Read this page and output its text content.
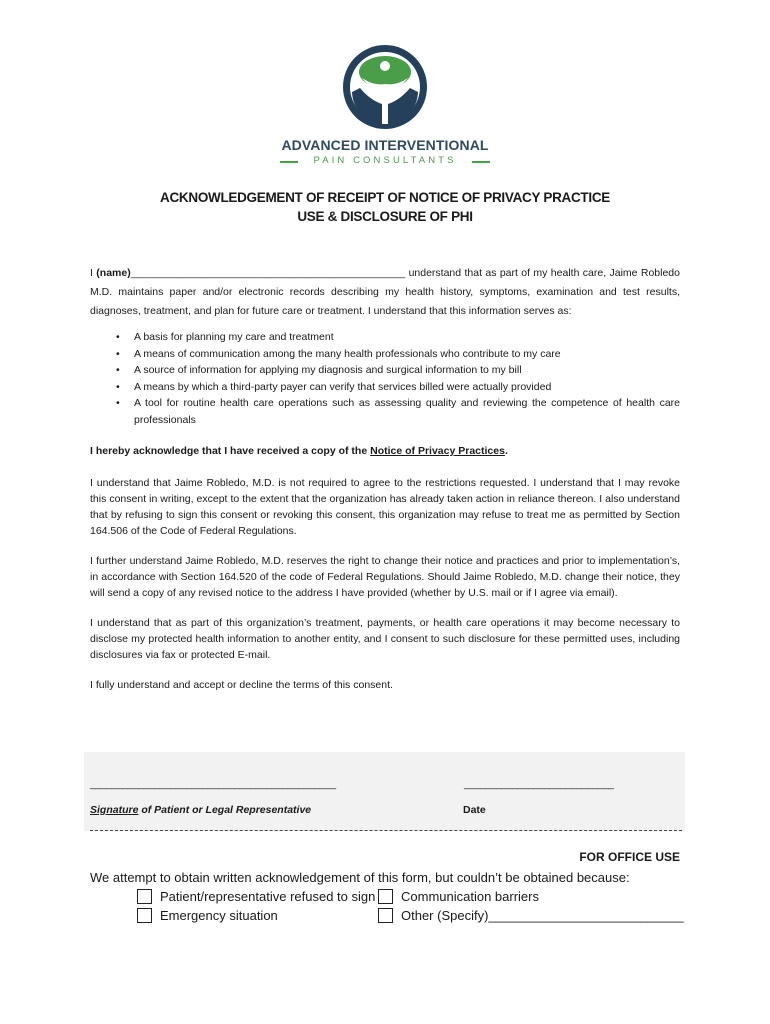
ADVANCED INTERVENTIONAL
PAIN CONSULTANTS
ACKNOWLEDGEMENT OF RECEIPT OF NOTICE OF PRIVACY PRACTICE
USE & DISCLOSURE OF PHI

I (name)_______________________________________________ understand that as part of my health care, Jaime Robledo M.D. maintains paper and/or electronic records describing my health history, symptoms, examination and test results, diagnoses, treatment, and plan for future care or treatment. I understand that this information serves as:

• A basis for planning my care and treatment
• A means of communication among the many health professionals who contribute to my care
• A source of information for applying my diagnosis and surgical information to my bill
• A means by which a third-party payer can verify that services billed were actually provided
• A tool for routine health care operations such as assessing quality and reviewing the competence of health care professionals

I hereby acknowledge that I have received a copy of the Notice of Privacy Practices.

I understand that Jaime Robledo, M.D. is not required to agree to the restrictions requested. I understand that I may revoke this consent in writing, except to the extent that the organization has already taken action in reliance thereon. I also understand that by refusing to sign this consent or revoking this consent, this organization may refuse to treat me as permitted by Section 164.506 of the Code of Federal Regulations.

I further understand Jaime Robledo, M.D. reserves the right to change their notice and practices and prior to implementation’s, in accordance with Section 164.520 of the code of Federal Regulations. Should Jaime Robledo, M.D. change their notice, they will send a copy of any revised notice to the address I have provided (whether by U.S. mail or if I agree via email).

I understand that as part of this organization’s treatment, payments, or health care operations it may become necessary to disclose my protected health information to another entity, and I consent to such disclosure for these permitted uses, including disclosures via fax or protected E-mail.

I fully understand and accept or decline the terms of this consent.

______________________________________________	____________________________
Signature of Patient or Legal Representative	Date
FOR OFFICE USE
We attempt to obtain written acknowledgement of this form, but couldn’t be obtained because:
Patient/representative refused to sign Communication barriers
Emergency situation	Other (Specify)___________________________
